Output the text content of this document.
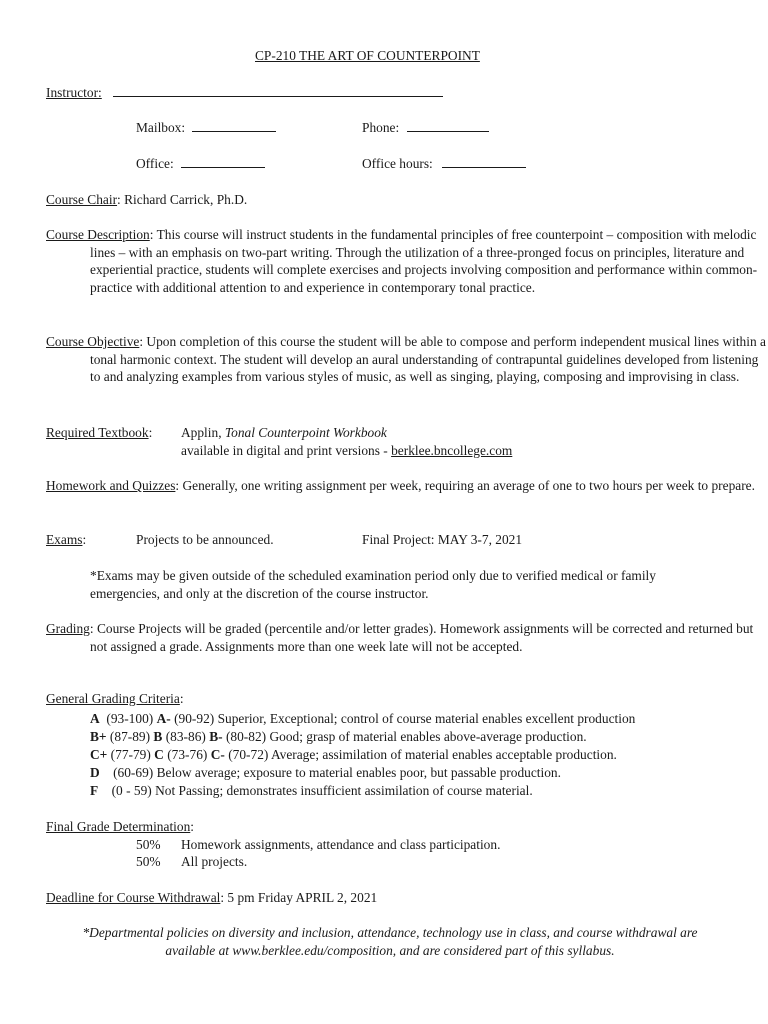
CP-210 THE ART OF COUNTERPOINT
Instructor:
Mailbox:	Phone:
Office:	Office hours:
Course Chair: Richard Carrick, Ph.D.
Course Description: This course will instruct students in the fundamental principles of free counterpoint – composition with melodic lines – with an emphasis on two-part writing. Through the utilization of a three-pronged focus on principles, literature and experiential practice, students will complete exercises and projects involving composition and performance within common-practice with additional attention to and experience in contemporary tonal practice.
Course Objective: Upon completion of this course the student will be able to compose and perform independent musical lines within a tonal harmonic context. The student will develop an aural understanding of contrapuntal guidelines developed from listening to and analyzing examples from various styles of music, as well as singing, playing, composing and improvising in class.
Required Textbook: Applin, Tonal Counterpoint Workbook
available in digital and print versions - berklee.bncollege.com
Homework and Quizzes: Generally, one writing assignment per week, requiring an average of one to two hours per week to prepare.
Exams:	Projects to be announced.	Final Project: MAY 3-7, 2021
*Exams may be given outside of the scheduled examination period only due to verified medical or family emergencies, and only at the discretion of the course instructor.
Grading: Course Projects will be graded (percentile and/or letter grades). Homework assignments will be corrected and returned but not assigned a grade. Assignments more than one week late will not be accepted.
General Grading Criteria:
A  (93-100) A- (90-92) Superior, Exceptional; control of course material enables excellent production
B+ (87-89) B (83-86) B- (80-82) Good; grasp of material enables above-average production.
C+ (77-79) C (73-76) C- (70-72) Average; assimilation of material enables acceptable production.
D    (60-69) Below average; exposure to material enables poor, but passable production.
F    (0 - 59) Not Passing; demonstrates insufficient assimilation of course material.
Final Grade Determination:
50% Homework assignments, attendance and class participation.
50% All projects.
Deadline for Course Withdrawal: 5 pm Friday APRIL 2, 2021
*Departmental policies on diversity and inclusion, attendance, technology use in class, and course withdrawal are available at www.berklee.edu/composition, and are considered part of this syllabus.
